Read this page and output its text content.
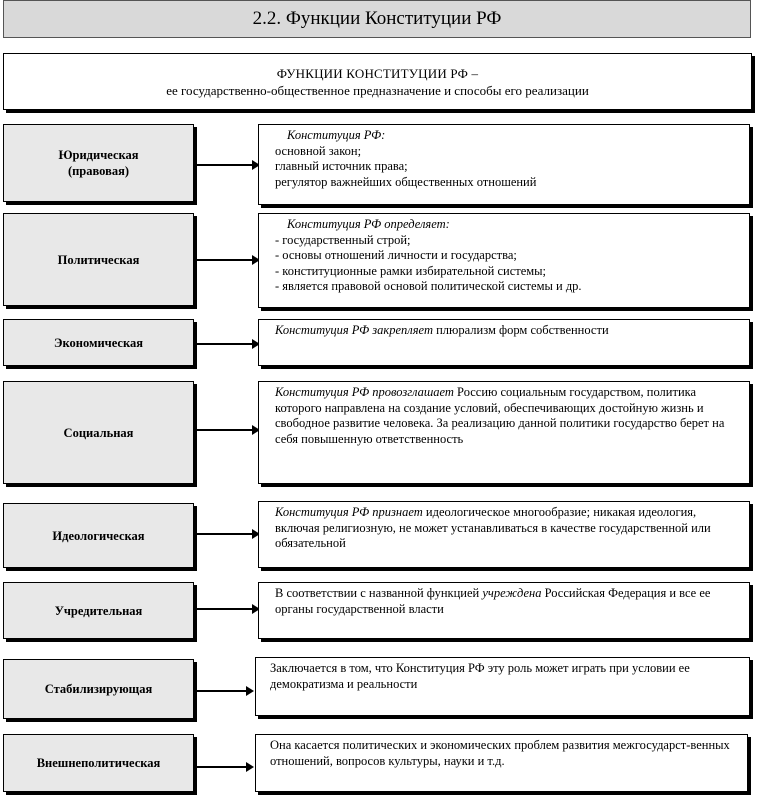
2.2. Функции Конституции РФ
ФУНКЦИИ КОНСТИТУЦИИ РФ –
ее государственно-общественное предназначение и способы его реализации
Юридическая
(правовая)
Конституция РФ:
основной закон;
главный источник права;
регулятор важнейших общественных отношений
Политическая
Конституция РФ определяет:
- государственный строй;
- основы отношений личности и государства;
- конституционные рамки избирательной системы;
- является правовой основой политической системы и др.
Экономическая
Конституция РФ закрепляет плюрализм форм собственности
Социальная
Конституция РФ провозглашает Россию социальным государством, политика которого направлена на создание условий, обеспечивающих достойную жизнь и свободное развитие человека. За реализацию данной политики государство берет на себя повышенную ответственность
Идеологическая
Конституция РФ признает идеологическое многообразие; никакая идеология, включая религиозную, не может устанавливаться в качестве государственной или обязательной
Учредительная
В соответствии с названной функцией учреждена Российская Федерация и все ее органы государственной власти
Стабилизирующая
Заключается в том, что Конституция РФ эту роль может играть при условии ее демократизма и реальности
Внешнеполитическая
Она касается политических и экономических проблем развития межгосударст-венных отношений, вопросов культуры, науки и т.д.
